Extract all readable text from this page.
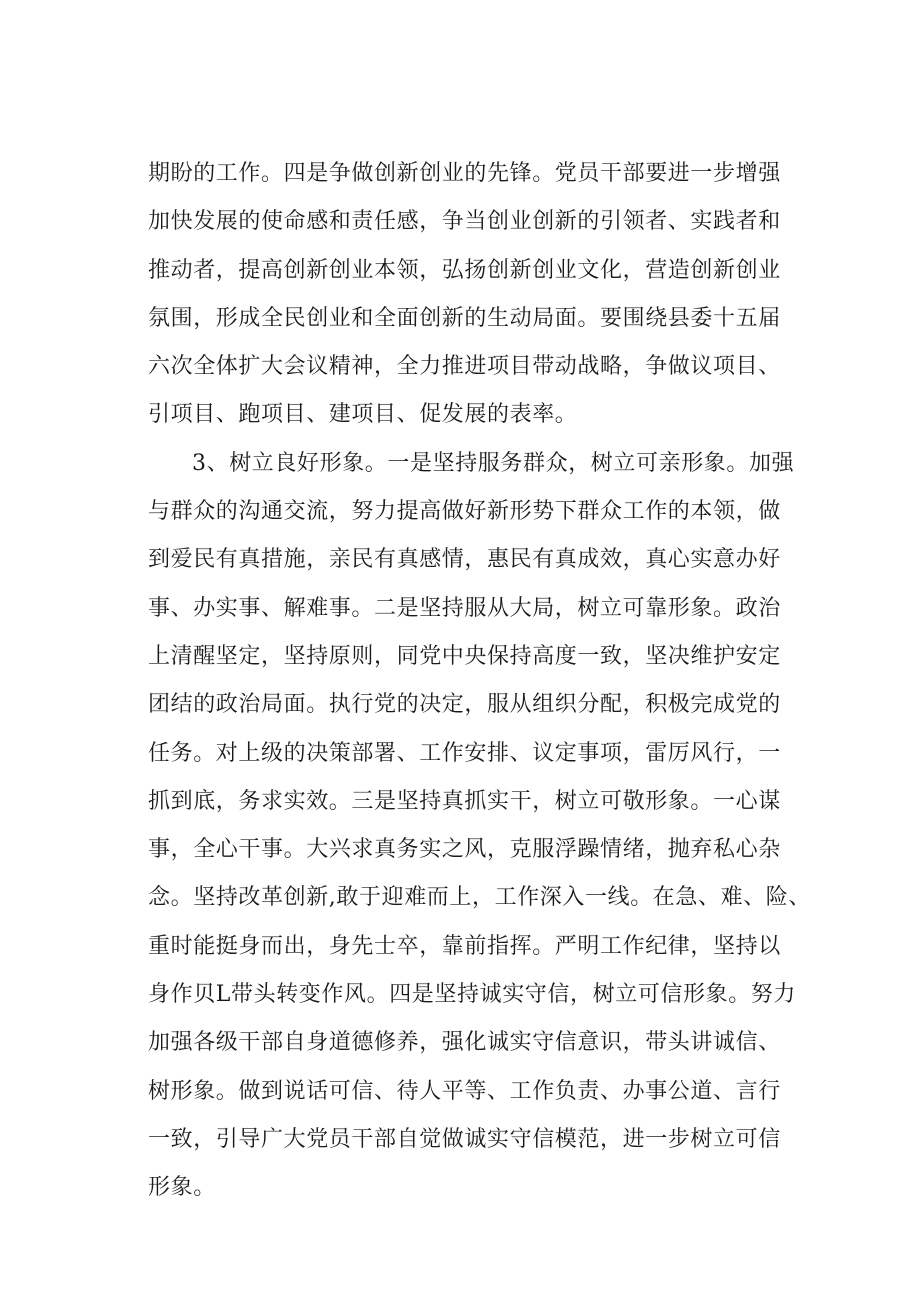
期盼的工作。四是争做创新创业的先锋。党员干部要进一步增强
加快发展的使命感和责任感，争当创业创新的引领者、实践者和
推动者，提高创新创业本领，弘扬创新创业文化，营造创新创业
氛围，形成全民创业和全面创新的生动局面。要围绕县委十五届
六次全体扩大会议精神，全力推进项目带动战略，争做议项目、
引项目、跑项目、建项目、促发展的表率。
3、树立良好形象。一是坚持服务群众，树立可亲形象。加强
与群众的沟通交流，努力提高做好新形势下群众工作的本领，做
到爱民有真措施，亲民有真感情，惠民有真成效，真心实意办好
事、办实事、解难事。二是坚持服从大局，树立可靠形象。政治
上清醒坚定，坚持原则，同党中央保持高度一致，坚决维护安定
团结的政治局面。执行党的决定，服从组织分配，积极完成党的
任务。对上级的决策部署、工作安排、议定事项，雷厉风行，一
抓到底，务求实效。三是坚持真抓实干，树立可敬形象。一心谋
事，全心干事。大兴求真务实之风，克服浮躁情绪，抛弃私心杂
念。坚持改革创新,敢于迎难而上，工作深入一线。在急、难、险、
重时能挺身而出，身先士卒，靠前指挥。严明工作纪律，坚持以
身作贝L带头转变作风。四是坚持诚实守信，树立可信形象。努力
加强各级干部自身道德修养，强化诚实守信意识，带头讲诚信、
树形象。做到说话可信、待人平等、工作负责、办事公道、言行
一致，引导广大党员干部自觉做诚实守信模范，进一步树立可信
形象。
